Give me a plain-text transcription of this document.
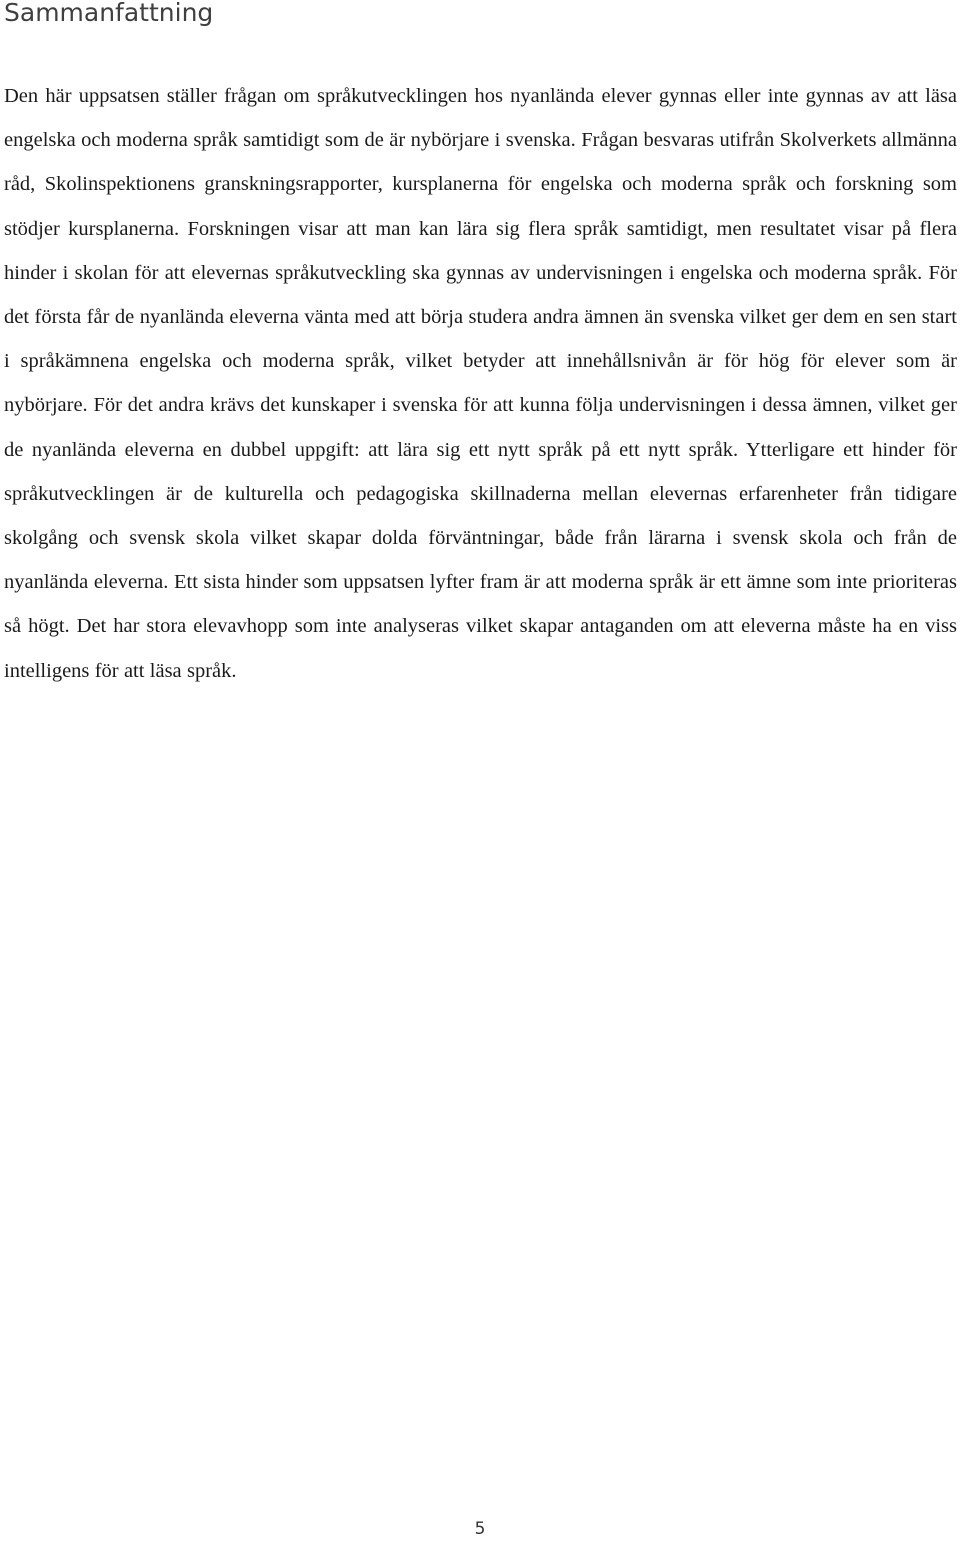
Sammanfattning

Den här uppsatsen ställer frågan om språkutvecklingen hos nyanlända elever gynnas eller inte gynnas av att läsa engelska och moderna språk samtidigt som de är nybörjare i svenska. Frågan besvaras utifrån Skolverkets allmänna råd, Skolinspektionens granskningsrapporter, kursplanerna för engelska och moderna språk och forskning som stödjer kursplanerna. Forskningen visar att man kan lära sig flera språk samtidigt, men resultatet visar på flera hinder i skolan för att elevernas språkutveckling ska gynnas av undervisningen i engelska och moderna språk. För det första får de nyanlända eleverna vänta med att börja studera andra ämnen än svenska vilket ger dem en sen start i språkämnena engelska och moderna språk, vilket betyder att innehållsnivån är för hög för elever som är nybörjare. För det andra krävs det kunskaper i svenska för att kunna följa undervisningen i dessa ämnen, vilket ger de nyanlända eleverna en dubbel uppgift: att lära sig ett nytt språk på ett nytt språk. Ytterligare ett hinder för språkutvecklingen är de kulturella och pedagogiska skillnaderna mellan elevernas erfarenheter från tidigare skolgång och svensk skola vilket skapar dolda förväntningar, både från lärarna i svensk skola och från de nyanlända eleverna. Ett sista hinder som uppsatsen lyfter fram är att moderna språk är ett ämne som inte prioriteras så högt. Det har stora elevavhopp som inte analyseras vilket skapar antaganden om att eleverna måste ha en viss intelligens för att läsa språk.

5
